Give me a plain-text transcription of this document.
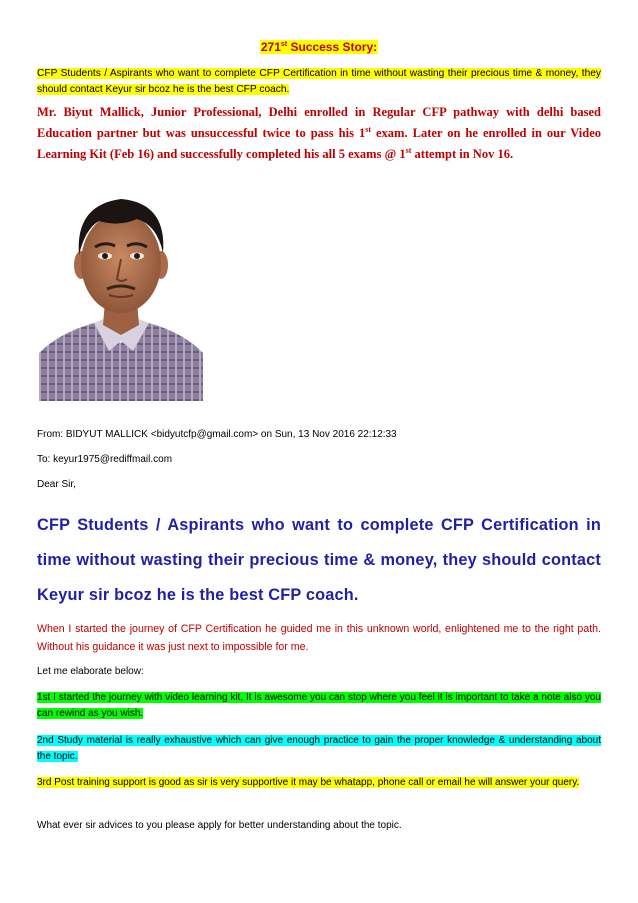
271st Success Story:
CFP Students / Aspirants who want to complete CFP Certification in time without wasting their precious time & money, they should contact Keyur sir bcoz he is the best CFP coach.
Mr. Biyut Mallick, Junior Professional, Delhi enrolled in Regular CFP pathway with delhi based Education partner but was unsuccessful twice to pass his 1st exam. Later on he enrolled in our Video Learning Kit (Feb 16) and successfully completed his all 5 exams @ 1st attempt in Nov 16.
From: BIDYUT MALLICK <bidyutcfp@gmail.com> on Sun, 13 Nov 2016 22:12:33
To: keyur1975@rediffmail.com
Dear Sir,
CFP Students / Aspirants who want to complete CFP Certification in time without wasting their precious time & money, they should contact Keyur sir bcoz he is the best CFP coach.
When I started the journey of CFP Certification he guided me in this unknown world, enlightened me to the right path. Without his guidance it was just next to impossible for me.
Let me elaborate below:
1st I started the journey with video learning kit, It is awesome you can stop where you feel it is important to take a note also you can rewind as you wish.
2nd Study material is really exhaustive which can give enough practice to gain the proper knowledge & understanding about the topic.
3rd Post training support is good as sir is very supportive it may be whatapp, phone call or email he will answer your query.
What ever sir advices to you please apply for better understanding about the topic.
